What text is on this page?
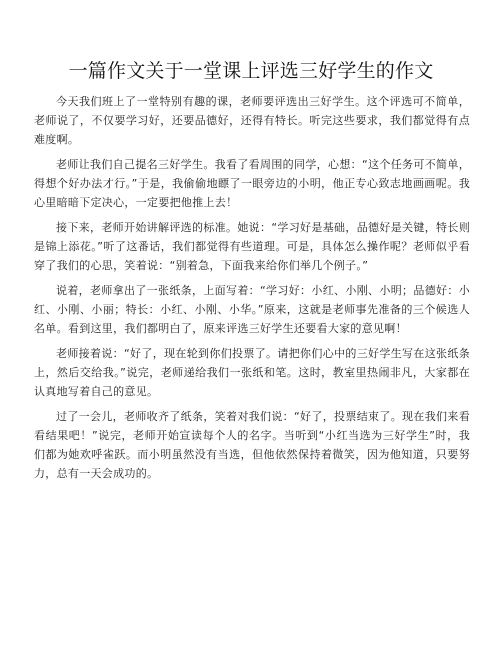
一篇作文关于一堂课上评选三好学生的作文

今天我们班上了一堂特别有趣的课，老师要评选出三好学生。这个评选可不简单，老师说了，不仅要学习好，还要品德好，还得有特长。听完这些要求，我们都觉得有点难度啊。

老师让我们自己提名三好学生。我看了看周围的同学，心想：“这个任务可不简单，得想个好办法才行。”于是，我偷偷地瞟了一眼旁边的小明，他正专心致志地画画呢。我心里暗暗下定决心，一定要把他推上去！

接下来，老师开始讲解评选的标准。她说：“学习好是基础，品德好是关键，特长则是锦上添花。”听了这番话，我们都觉得有些道理。可是，具体怎么操作呢？老师似乎看穿了我们的心思，笑着说：“别着急，下面我来给你们举几个例子。”

说着，老师拿出了一张纸条，上面写着：“学习好：小红、小刚、小明；品德好：小红、小刚、小丽；特长：小红、小刚、小华。”原来，这就是老师事先准备的三个候选人名单。看到这里，我们都明白了，原来评选三好学生还要看大家的意见啊！

老师接着说：“好了，现在轮到你们投票了。请把你们心中的三好学生写在这张纸条上，然后交给我。”说完，老师递给我们一张纸和笔。这时，教室里热闹非凡，大家都在认真地写着自己的意见。

过了一会儿，老师收齐了纸条，笑着对我们说：“好了，投票结束了。现在我们来看看结果吧！”说完，老师开始宣读每个人的名字。当听到“小红当选为三好学生”时，我们都为她欢呼雀跃。而小明虽然没有当选，但他依然保持着微笑，因为他知道，只要努力，总有一天会成功的。
